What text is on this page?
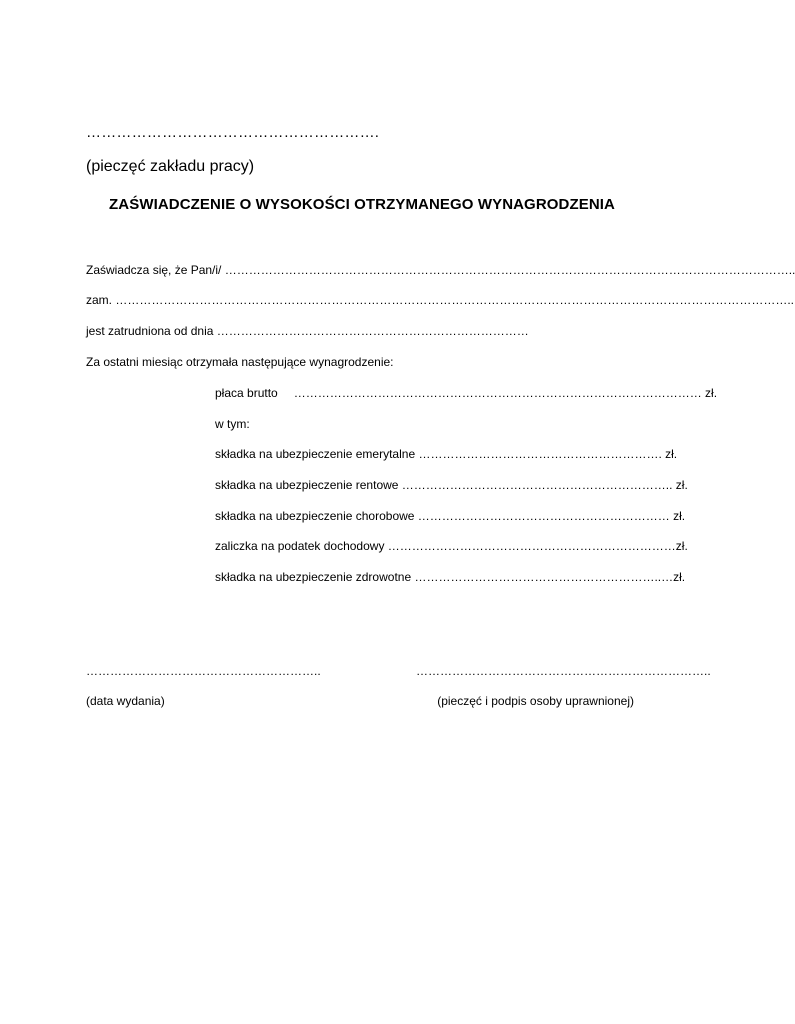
………………………………………………….
(pieczęć zakładu pracy)
ZAŚWIADCZENIE O WYSOKOŚCI OTRZYMANEGO WYNAGRODZENIA
Zaświadcza się, że Pan/i/ ……………………………………………………………………………………………………………………………..
zam. ……………………………………………………………………………………………………………………………………………………..
jest zatrudniona od dnia ……………………………………………………………………
Za ostatni miesiąc otrzymała następujące wynagrodzenie:
płaca brutto ………………………………………………………………………………………… zł.
w tym:
składka na ubezpieczenie emerytalne ……………………………………………………. zł.
składka na ubezpieczenie rentowe ………………………………………………………….. zł.
składka na ubezpieczenie chorobowe ……………………………………………………… zł.
zaliczka na podatek dochodowy ………………………………………………………………zł.
składka na ubezpieczenie zdrowotne ……………………………………………………..…zł.
…………………………………………………..	………………………………………………………………..
(data wydania)	(pieczęć i podpis osoby uprawnionej)
